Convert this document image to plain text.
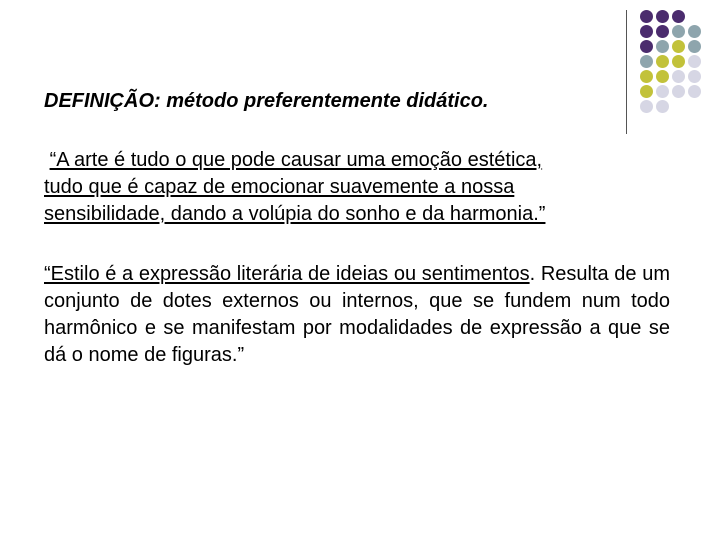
DEFINIÇÃO: método preferentemente didático.

“A arte é tudo o que pode causar uma emoção estética,
tudo que é capaz de emocionar suavemente a nossa
sensibilidade, dando a volúpia do sonho e da harmonia.”

“Estilo é a expressão literária de ideias ou sentimentos. Resulta de um conjunto de dotes externos ou internos, que se fundem num todo harmônico e se manifestam por modalidades de expressão a que se dá o nome de figuras.”
